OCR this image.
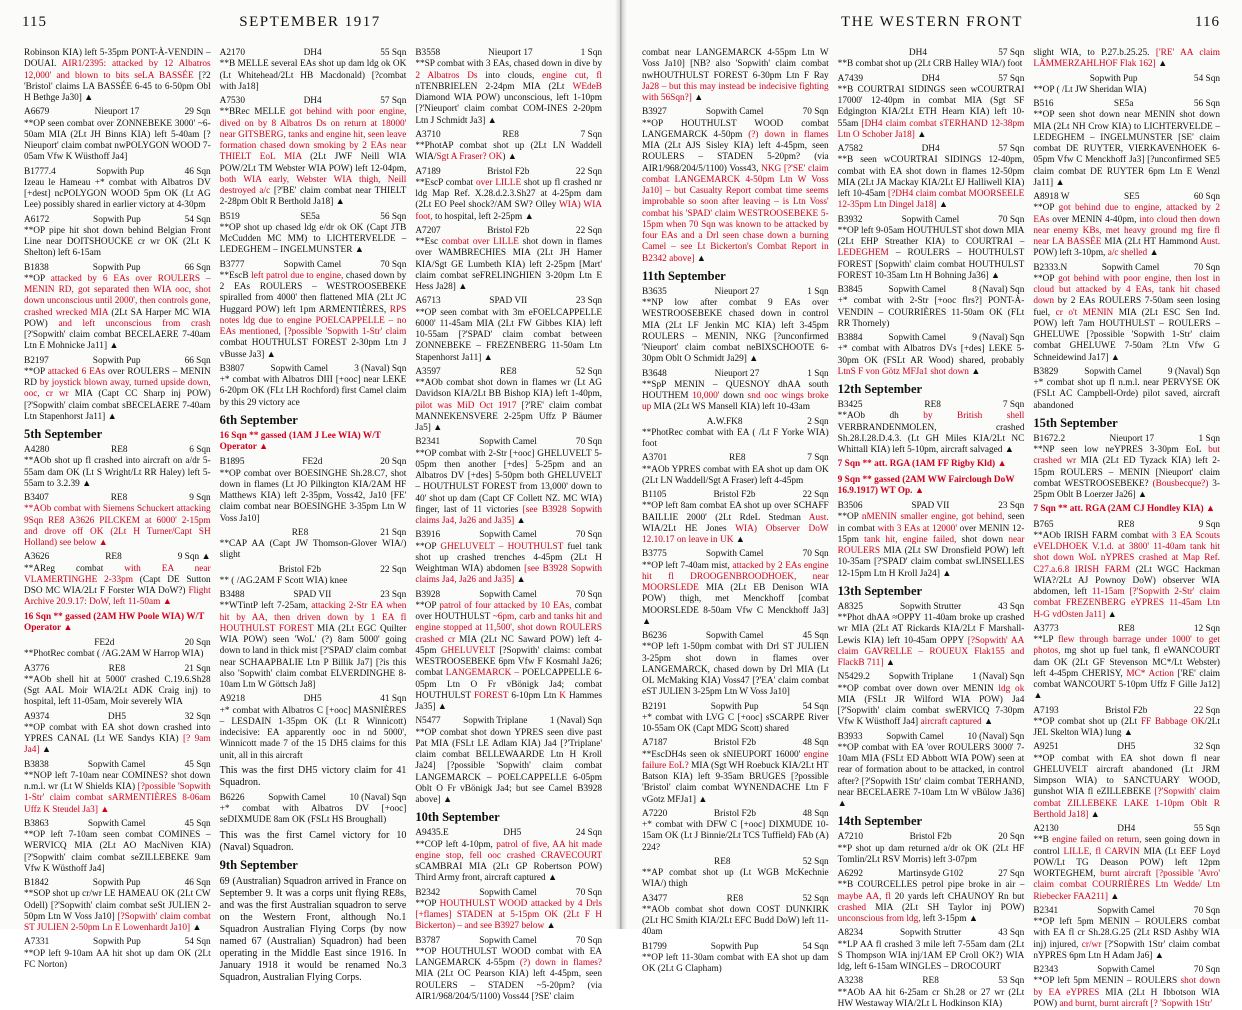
115	SEPTEMBER 1917
Robinson KIA) left 5-35pm PONT-À-VENDIN – DOUAI. AIR1/2395: attacked by 12 Albatros 12,000' and blown to bits seLA BASSÉE [?2 'Bristol' claims LA BASSÉE 6-45 to 6-50pm Obl H Bethge Ja30] ▲
A6679	Nieuport 17	29 Sqn
**OP seen combat over ZONNEBEKE 3000' ~6-50am MIA (2Lt JH Binns KIA) left 5-40am [?Nieuport' claim combat nwPOLYGON WOOD 7-05am Vfw K Wüsthoff Ja4]
B1777.4	Sopwith Pup	46 Sqn
Izeau le Hameau +* combat with Albatros DV [+dest] ncPOLYGON WOOD 5pm OK (Lt AG Lee) possibly shared in earlier victory at 4-30pm
A6172	Sopwith Pup	54 Sqn
**OP pipe hit shot down behind Belgian Front Line near DOITSHOUCKE cr wr OK (2Lt K Shelton) left 6-15am
B1838	Sopwith Pup	66 Sqn
**OP attacked by 6 EAs over ROULERS – MENIN RD, got separated then WIA ooc, shot down unconscious until 2000', then controls gone, crashed wrecked MIA (2Lt SA Harper MC WIA POW) and left unconscious from crash [?'Sopwith' claim combat BECELAERE 7-40am Ltn E Mohnicke Ja11] ▲
B2197	Sopwith Pup	66 Sqn
**OP attacked 6 EAs over ROULERS – MENIN RD by joystick blown away, turned upside down, ooc, cr wr MIA (Capt CC Sharp inj POW) [?'Sopwith' claim combat sBECELAERE 7-40am Ltn Stapenhorst Ja11] ▲
5th September
A4280	RE8	6 Sqn
**AOb shot up fl crashed into aircraft on a/dr 5-55am dam OK (Lt S Wright/Lt RR Haley) left 5-55am to 3.2.39 ▲
B3407	RE8	9 Sqn
**AOb combat with Siemens Schuckert attacking 9Sqn RE8 A3626 PILCKEM at 6000' 2-15pm and drove off OK (2Lt H Turner/Capt SH Holland) see below ▲
A3626	RE8	9 Sqn ▲
**AReg combat with EA near VLAMERTINGHE 2-33pm (Capt DE Sutton DSO MC WIA/2Lt F Forster WIA DoW?) Flight Archive 20.9.17: DoW, left 11-50am ▲
16 Sqn ** gassed (2AM HW Poole WIA) W/T Operator ▲
FE2d	20 Sqn
**PhotRec combat ( /AG.2AM W Harrop WIA)
A3776	RE8	21 Sqn
**AOb shell hit at 5000' crashed C.19.6.Sh28 (Sgt AAL Moir WIA/2Lt ADK Craig inj) to hospital, left 11-05am, Moir severely WIA
A9374	DH5	32 Sqn
**OP combat with EA shot down crashed into YPRES CANAL (Lt WE Sandys KIA) [? 9am Ja4] ▲
B3838	Sopwith Camel	45 Sqn
**NOP left 7-10am near COMINES? shot down n.m.l. wr (Lt W Shields KIA) [?possible 'Sopwith 1-Str' claim combat sARMENTIÈRES 8-06am Uffz K Steudel Ja3] ▲
B3863	Sopwith Camel	45 Sqn
**OP left 7-10am seen combat COMINES – WERVICQ MIA (2Lt AO MacNiven KIA) [?'Sopwith' claim combat seZILLEBEKE 9am Vfw K Wüsthoff Ja4]
B1842	Sopwith Pup	46 Sqn
**SOP shot up cr/wr LE HAMEAU OK (2Lt CW Odell) [?'Sopwith' claim combat seSt JULIEN 2-50pm Ltn W Voss Ja10] [?Sopwith' claim combat ST JULIEN 2-50pm Ln E Lowenhardt Ja10] ▲
A7331	Sopwith Pup	54 Sqn
**OP left 9-10am AA hit shot up dam OK (2Lt FC Norton)
A2170	DH4	55 Sqn
**B MELLE several EAs shot up dam ldg ok OK (Lt Whitehead/2Lt HB Macdonald) [?combat with Ja18]
A7530	DH4	57 Sqn
**BRec MELLE got behind with poor engine, dived on by 8 Albatros Ds on return at 18000' near GITSBERG, tanks and engine hit, seen leave formation chased down smoking by 2 EAs near THIELT EoL MIA (2Lt JWF Neill WIA POW/2Lt TM Webster WIA POW) left 12-04pm, both WIA early, Webster WIA thigh, Neill destroyed a/c [?'BE' claim combat near THIELT 2-28pm Oblt R Berthold Ja18] ▲
B519	SE5a	56 Sqn
**OP shot up chased ldg e/dr ok OK (Capt JTB McCudden MC MM) to LICHTERVELDE – LEDEGHEM – INGELMUNSTER ▲
B3777	Sopwith Camel	70 Sqn
**EscB left patrol due to engine, chased down by 2 EAs ROULERS – WESTROOSEBEKE spiralled from 4000' then flattened MIA (2Lt JC Huggard POW) left 1pm ARMENTIÈRES, RPS notes ldg due to engine POELCAPPELLE – no EAs mentioned, [?possible 'Sopwith 1-Str' claim combat HOUTHULST FOREST 2-30pm Ltn J vBusse Ja3] ▲
B3807	Sopwith Camel	3 (Naval) Sqn
+* combat with Albatros DIII [+ooc] near LEKE 6-20pm OK (FLt LH Rochford) first Camel claim by this 29 victory ace
6th September
16 Sqn ** gassed (1AM J Lee WIA) W/T Operator ▲
B1895	FE2d	20 Sqn
**OP combat over BOESINGHE Sh.28.C7, shot down in flames (Lt JO Pilkington KIA/2AM HF Matthews KIA) left 2-35pm, Voss42, Ja10 [FE' claim combat near BOESINGHE 3-35pm Ltn W Voss Ja10]
RE8	21 Sqn
**CAP AA (Capt JW Thomson-Glover WIA/) slight
Bristol F2b	22 Sqn
** ( /AG.2AM F Scott WIA) knee
B3488	SPAD VII	23 Sqn
**WTintP left 7-25am, attacking 2-Str EA when hit by AA, then driven down by 1 EA fl HOUTHULST FOREST MIA (2Lt EGC Quilter WIA POW) seen 'WoL' (?) 8am 5000' going down to land in thick mist [?'SPAD' claim combat near SCHAAPBALIE Ltn P Billik Ja7] [?is this also 'Sopwith' claim combat ELVERDINGHE 8-10am Ltn W Göttsch Ja8]
A9218	DH5	41 Sqn
+* combat with Albatros C [+ooc] MASNIÈRES – LESDAIN 1-35pm OK (Lt R Winnicott) indecisive: EA apparently ooc in nd 5000', Winnicott made 7 of the 15 DH5 claims for this unit, all in this aircraft
This was the first DH5 victory claim for 41 Squadron.
B6226	Sopwith Camel	10 (Naval) Sqn
+* combat with Albatros DV [+ooc] seDIXMUDE 8am OK (FSLt HS Broughall)
This was the first Camel victory for 10 (Naval) Squadron.
9th September
69 (Australian) Squadron arrived in France on September 9. It was a corps unit flying RE8s, and was the first Australian squadron to serve on the Western Front, although No.1 Squadron Australian Flying Corps (by now named 67 (Australian) Squadron) had been operating in the Middle East since 1916. In January 1918 it would be renamed No.3 Squadron, Australian Flying Corps.
B3558	Nieuport 17	1 Sqn
**SP combat with 3 EAs, chased down in dive by 2 Albatros Ds into clouds, engine cut, fl nTENBRIELEN 2-24pm MIA (2Lt WEdeB Diamond WIA POW) unconscious, left 1-10pm [?'Nieuport' claim combat COM-INES 2-20pm Ltn J Schmidt Ja3] ▲
A3710	RE8	7 Sqn
**PhotAP combat shot up (2Lt LN Waddell WIA/Sgt A Fraser? OK) ▲
A7189	Bristol F2b	22 Sqn
**EscP combat over LILLE shot up fl crashed nr ldg Map Ref. X.28.d.2.3.Sh27 at 4-25pm dam (2Lt EO Peel shock?/AM SW? Olley WIA) WIA foot, to hospital, left 2-25pm ▲
A7207	Bristol F2b	22 Sqn
**Esc combat over LILLE shot down in flames over WAMBRECHIES MIA (2Lt JH Hamer KIA/Sgt GE Lumbeth KIA) left 2-25pm [Mart' claim combat seFRELINGHIEN 3-20pm Ltn E Hess Ja28] ▲
A6713	SPAD VII	23 Sqn
**OP seen combat with 3m eFOELCAPPELLE 6000' 11-45am MIA (2Lt FW Gibbes KIA) left 10-55am [?'SPAD' claim combat between ZONNEBEKE – FREZENBERG 11-50am Ltn Stapenhorst Ja11] ▲
A3597	RE8	52 Sqn
**AOb combat shot down in flames wr (Lt AG Davidson KIA/2Lt BB Bishop KIA) left 1-40pm, pilot was MiD Oct 1917 [?'RE' claim combat MANNEKENSVERE 2-25pm Uffz P Bäumer Ja5] ▲
B2341	Sopwith Camel	70 Sqn
**OP combat with 2-Str [+ooc] GHELUVELT 5-05pm then another [+des] 5-25pm and an Albatros DV [+des] 5-50pm both GHELUVELT – HOUTHULST FOREST from 13,000' down to 40' shot up dam (Capt CF Collett NZ. MC WIA) finger, last of 11 victories [see B3928 Sopwith claims Ja4, Ja26 and Ja35] ▲
B3916	Sopwith Camel	70 Sqn
**OP GHELUVELT – HOUTHULST fuel tank shot up crashed trenches 4-45pm (2Lt H Weightman WIA) abdomen [see B3928 Sopwith claims Ja4, Ja26 and Ja35] ▲
B3928	Sopwith Camel	70 Sqn
**OP patrol of four attacked by 10 EAs, combat over HOUTHULST ~6pm, carb and tanks hit and engine stopped at 11,500', shot down ROULERS crashed cr MIA (2Lt NC Saward POW) left 4-45pm GHELUVELT [?Sopwith' claims: combat WESTROOSEBEKE 6pm Vfw F Kosmahl Ja26; combat LANGEMARCK – POELCAPPELLE 6-05pm Ltn O Fr vBönigk Ja4; combat HOUTHULST FOREST 6-10pm Ltn K Hammes Ja35] ▲
N5477 Sopwith Triplane 1 (Naval) Sqn
**OP combat shot down YPRES seen dive past Pat MIA (FSLt LE Adlam KIA) Ja4 [?'Triplane' claim combat BELLEWAARDE Ltn H Kroll Ja24] [?possible 'Sopwith' claim combat LANGEMARCK – POELCAPPELLE 6-05pm Oblt O Fr vBönigk Ja4; but see Camel B3928 above] ▲
10th September
A9435.E	DH5	24 Sqn
**COP left 4-10pm, patrol of five, AA hit made engine stop, fell ooc crashed CRAVECOURT sCAMBRAI MIA (2Lt GP Robertson POW) Third Army front, aircraft captured ▲
B2342	Sopwith Camel	70 Sqn
**OP HOUTHULST WOOD attacked by 4 Drls [+flames] STADEN at 5-15pm OK (2Lt F H Bickerton) – and see B3927 below ▲
B3787	Sopwith Camel	70 Sqn
**OP HOUTHULST WOOD combat with EA LANGEMARCK 4-55pm (?) down in flames? MIA (2Lt OC Pearson KIA) left 4-45pm, seen ROULERS – STADEN ~5-20pm? (via AIR1/968/204/5/1100) Voss44 [?SE' claim
THE WESTERN FRONT	116
combat near LANGEMARCK 4-55pm Ltn W Voss Ja10] [NB? also 'Sopwith' claim combat nwHOUTHULST FOREST 6-30pm Ltn F Ray Ja28 – but this may instead be indecisive fighting with 56Sqn?] ▲
B3927	Sopwith Camel	70 Sqn
**OP HOUTHULST WOOD combat LANGEMARCK 4-50pm (?) down in flames MIA (2Lt AJS Sisley KIA) left 4-45pm, seen ROULERS – STADEN 5-20pm? (via AIR1/968/204/5/1100) Voss43, NKG [?'SE' claim combat LANGEMARCK 4-50pm Ltn W Voss Ja10] – but Casualty Report combat time seems improbable so soon after leaving – is Ltn Voss' combat his 'SPAD' claim WESTROOSEBEKE 5-15pm when 70 Sqn was known to be attacked by four EAs and a Drl seen chase down a burning Camel – see Lt Bickerton's Combat Report in B2342 above] ▲
11th September
B3635	Nieuport 27	1 Sqn
**NP low after combat 9 EAs over WESTROOSEBEKE chased down in control MIA (2Lt LF Jenkin MC KIA) left 3-45pm ROULERS – MENIN, NKG [?unconfirmed 'Nieuport' claim combat neBIXSCHOOTE 6-30pm Oblt O Schmidt Ja29] ▲
B3648	Nieuport 27	1 Sqn
**SpP MENIN – QUESNOY dhAA south HOUTHEM 10,000' down snd ooc wings broke up MIA (2Lt WS Mansell KIA) left 10-43am
A.W.FK8	2 Sqn
**PhotRec combat with EA ( /Lt F Yorke WIA) foot
A3701	RE8	7 Sqn
**AOb YPRES combat with EA shot up dam OK (2Lt LN Waddell/Sgt A Fraser) left 4-45pm
B1105	Bristol F2b	22 Sqn
**OP left 8am combat EA shot up over SCHAFF BAILLIE 2000' (2Lt RdeL Stedman Aust. WIA/2Lt HE Jones WIA) Observer DoW 12.10.17 on leave in UK ▲
B3775	Sopwith Camel	70 Sqn
**OP left 7-40am mist, attacked by 2 EAs engine hit fl DROOGENBROODHOEK, near MOORSLEDE MIA (2Lt EB Denison WIA POW) thigh, met Menckhoff [combat MOORSLEDE 8-50am Vfw C Menckhoff Ja3] ▲
B6236	Sopwith Camel	45 Sqn
**OP left 1-50pm combat with Drl ST JULIEN 3-25pm shot down in flames over LANGEMARCK, chased down by Drl MIA (Lt OL McMaking KIA) Voss47 [?'EA' claim combat eST JULIEN 3-25pm Ltn W Voss Ja10]
B2191	Sopwith Pup	54 Sqn
+* combat with LVG C [+ooc] sSCARPE River 10-55am OK (Capt MDG Scott) shared
A7187	Bristol F2b	48 Sqn
**EscDH4s seen ok sNIEUPORT 16000' engine failure EoL? MIA (Sgt WH Roebuck KIA/2Lt HT Batson KIA) left 9-35am BRUGES [?possible 'Bristol' claim combat WYNENDACHE Ltn F vGotz MFJa1] ▲
A7220	Bristol F2b	48 Sqn
+* combat with DFW C [+ooc] DIXMUDE 10-15am OK (Lt J Binnie/2Lt TCS Tuffield) FAb (A) 224?
RE8	52 Sqn
**AP combat shot up (Lt WGB McKechnie WIA/) thigh
A3477	RE8	52 Sqn
**AOb combat shot down COST DUNKIRK (2Lt HC Smith KIA/2Lt EFC Budd DoW) left 11-40am
B1799	Sopwith Pup	54 Sqn
**OP left 11-30am combat with EA shot up dam OK (2Lt G Clapham)
DH4	57 Sqn
**B combat shot up (2Lt CRB Halley WIA/) foot
A7439	DH4	57 Sqn
**B COURTRAI SIDINGS seen wCOURTRAI 17000' 12-40pm in combat MIA (Sgt SF Edgington KIA/2Lt ETH Hearn KIA) left 10-55am [DH4 claim combat sTERHAND 12-38pm Ltn O Schober Ja18] ▲
A7582	DH4	57 Sqn
**B seen wCOURTRAI SIDINGS 12-40pm, combat with EA shot down in flames 12-50pm MIA (2Lt JA Mackay KIA/2Lt EJ Halliwell KIA) left 10-45am [?DH4 claim combat MOORSEELE 12-35pm Ltn Dingel Ja18] ▲
B3932	Sopwith Camel	70 Sqn
**OP left 9-05am HOUTHULST shot down MIA (2Lt EHP Streather KIA) to COURTRAI – LEDEGHEM – ROULERS – HOUTHULST FOREST [Sopwith' claim combat HOUTHULST FOREST 10-35am Ltn H Bohning Ja36] ▲
B3845	Sopwith Camel	8 (Naval) Sqn
+* combat with 2-Str [+ooc flrs?] PONT-À-VENDIN – COURRIÈRES 11-50am OK (FLt RR Thornely)
B3884	Sopwith Camel	9 (Naval) Sqn
+* combat with Albatros DVs [+des] LEKE 5-30pm OK (FSLt AR Wood) shared, probably LtnS F von Götz MFJa1 shot down ▲
12th September
B3425	RE8	7 Sqn
**AOb dh by British shell VERBRANDENMOLEN, crashed Sh.28.I.28.D.4.3. (Lt GH Miles KIA/2Lt NC Whittall KIA) left 5-10pm, aircraft salvaged ▲
7 Sqn ** att. RGA (1AM FF Rigby Kld) ▲
9 Sqn ** gassed (2AM WW Fairclough DoW 16.9.1917) WT Op. ▲
B3506	SPAD VII	23 Sqn
**OP nMENIN smaller engine, got behind, seen in combat with 3 EAs at 12000' over MENIN 12-15pm tank hit, engine failed, shot down near ROULERS MIA (2Lt SW Dronsfield POW) left 10-35am [?'SPAD' claim combat swLINSELLES 12-15pm Ltn H Kroll Ja24] ▲
13th September
A8325	Sopwith Strutter	43 Sqn
**Phot dhAA ≈OPPY 11-40am broke up crashed wr MIA (2Lt AT Rickards KIA/2Lt F Marshall-Lewis KIA) left 10-45am OPPY [?Sopwith' AA claim GAVRELLE – ROUEUX Flak155 and FlackB 711] ▲
N5429.2 Sopwith Triplane 1 (Naval) Sqn
**OP combat over down over MENIN ldg ok MIA (FSLt JR Wilford WIA POW) Ja4 [?'Sopwith' claim combat swERVICQ 7-30pm Vfw K Wüsthoff Ja4] aircraft captured ▲
B3933	Sopwith Camel	10 (Naval) Sqn
**OP combat with EA 'over ROULERS 3000' 7-10am MIA (FSLt ED Abbott WIA POW) seen at rear of formation about to be attacked, in control after? [?'Sopwith 1Str' claim combat TERHAND, near BECELAERE 7-10am Ltn W vBülow Ja36] ▲
14th September
A7210	Bristol F2b	20 Sqn
**P shot up dam returned a/dr ok OK (2Lt HF Tomlin/2Lt RSV Morris) left 3-07pm
A6292	Martinsyde G102	27 Sqn
**B COURCELLES petrol pipe broke in air – maybe AA, fl 20 yards left CHAUNOY Rn but crashed MIA (2Lt SH Taylor inj POW) unconscious from ldg, left 3-15pm ▲
A8234	Sopwith Strutter	43 Sqn
**LP AA fl crashed 3 mile left 7-55am dam (2Lt S Thompson WIA inj/1AM EP Croll OK?) WIA ldg, left 6-15am WINGLES – DROCOURT
A3238	RE8	53 Sqn
**AOb AA hit 6-25am cr Sh.28 or 27 wr (2Lt HW Westaway WIA/2Lt L Hodkinson KIA)
slight WIA, to P.27.b.25.25. ['RE' AA claim LÄMMERZAHLHOF Flak 162] ▲
Sopwith Pup	54 Sqn
**OP ( /Lt JW Sheridan WIA)
B516	SE5a	56 Sqn
**OP seen shot down near MENIN shot down MIA (2Lt NH Crow KIA) to LICHTERVELDE – LEDEGHEM – INGELMUNSTER [SE' claim combat DE RUYTER, VIERKAVENHOEK 6-05pm Vfw C Menckhoff Ja3] [?unconfirmed SE5 claim combat DE RUYTER 6pm Ltn E Wenzl Ja11] ▲
A8918 W	SE5	60 Sqn
**OP got behind due to engine, attacked by 2 EAs over MENIN 4-40pm, into cloud then down near enemy KBs, met heavy ground mg fire fl near LA BASSÉE MIA (2Lt HT Hammond Aust. POW) left 3-10pm, a/c shelled ▲
B2333.N	Sopwith Camel	70 Sqn
**OP got behind with poor engine, then lost in cloud but attacked by 4 EAs, tank hit chased down by 2 EAs ROULERS 7-50am seen losing fuel, cr o't MENIN MIA (2Lt ESC Sen Ind. POW) left 7am HOUTHULST – ROULERS – GHELUWE [?possible 'Sopwith 1-Str' claim combat GHELUWE 7-50am ?Ltn Vfw G Schneidewind Ja17] ▲
B3829	Sopwith Camel	9 (Naval) Sqn
+* combat shot up fl n.m.l. near PERVYSE OK (FSLt AC Campbell-Orde) pilot saved, aircraft abandoned
15th September
B1672.2	Nieuport 17	1 Sqn
**NP seen low neYPRES 3-30pm EoL but crashed wr MIA (2Lt ED Tyzack KIA) left 2-15pm ROULERS – MENIN [Nieuport' claim combat WESTROOSEBEKE? (Bousbecque?) 3-25pm Oblt B Loerzer Ja26] ▲
7 Sqn ** att. RGA (2AM CJ Hondley KIA) ▲
B765	RE8	9 Sqn
**AOb IRISH FARM combat with 3 EA Scouts eVELDHOEK V.1.d. at 3800' 11-40am tank hit shot down WoL nYPRES crashed at Map Ref. C27.a.6.8 IRISH FARM (2Lt WGC Hackman WIA?/2Lt AJ Pownoy DoW) observer WIA abdomen, left 11-15am [?'Sopwith 2-Str' claim combat FREZENBERG eYPRES 11-45am Ltn H-G vdOsten Ja11] ▲
A3773	RE8	12 Sqn
**LP flew through barrage under 1000' to get photos, mg shot up fuel tank, fl eWANCOURT dam OK (2Lt GF Stevenson MC*/Lt Webster) left 4-45pm CHERISY, MC* Action ['RE' claim combat WANCOURT 5-10pm Uffz F Gille Ja12] ▲
A7193	Bristol F2b	22 Sqn
**OP combat shot up (2Lt FF Babbage OK/2Lt JEL Skelton WIA) lung ▲
A9251	DH5	32 Sqn
**OP combat with EA shot down fl near GHELUVELT aircraft abandoned (Lt JRM Simpson WIA) to SANCTUARY WOOD, gunshot WIA fl eZILLEBEKE [?'Sopwith' claim combat ZILLEBEKE LAKE 1-10pm Oblt R Berthold Ja18] ▲
A2130	DH4	55 Sqn
**B engine failed on return, seen going down in control LILLE, fl CARVIN MIA (Lt EEF Loyd POW/Lt TG Deason POW) left 12pm WORTEGHEM, burnt aircraft [?possible 'Avro' claim combat COURRIÈRES Ltn Wedde/ Ltn Riebecker FAA211] ▲
B2341	Sopwith Camel	70 Sqn
**OP left 5pm MENIN – ROULERS combat with EA fl cr Sh.28.G.25 (2Lt RSD Ashby WIA inj) injured, cr/wr [?'Sopwith 1Str' claim combat nYPRES 6pm Ltn H Adam Ja6] ▲
B2343	Sopwith Camel	70 Sqn
**OP left 5pm MENIN – ROULERS shot down by EA eYPRES MIA (2Lt H Ibbotson WIA POW) and burnt, burnt aircraft [? 'Sopwith 1Str'
